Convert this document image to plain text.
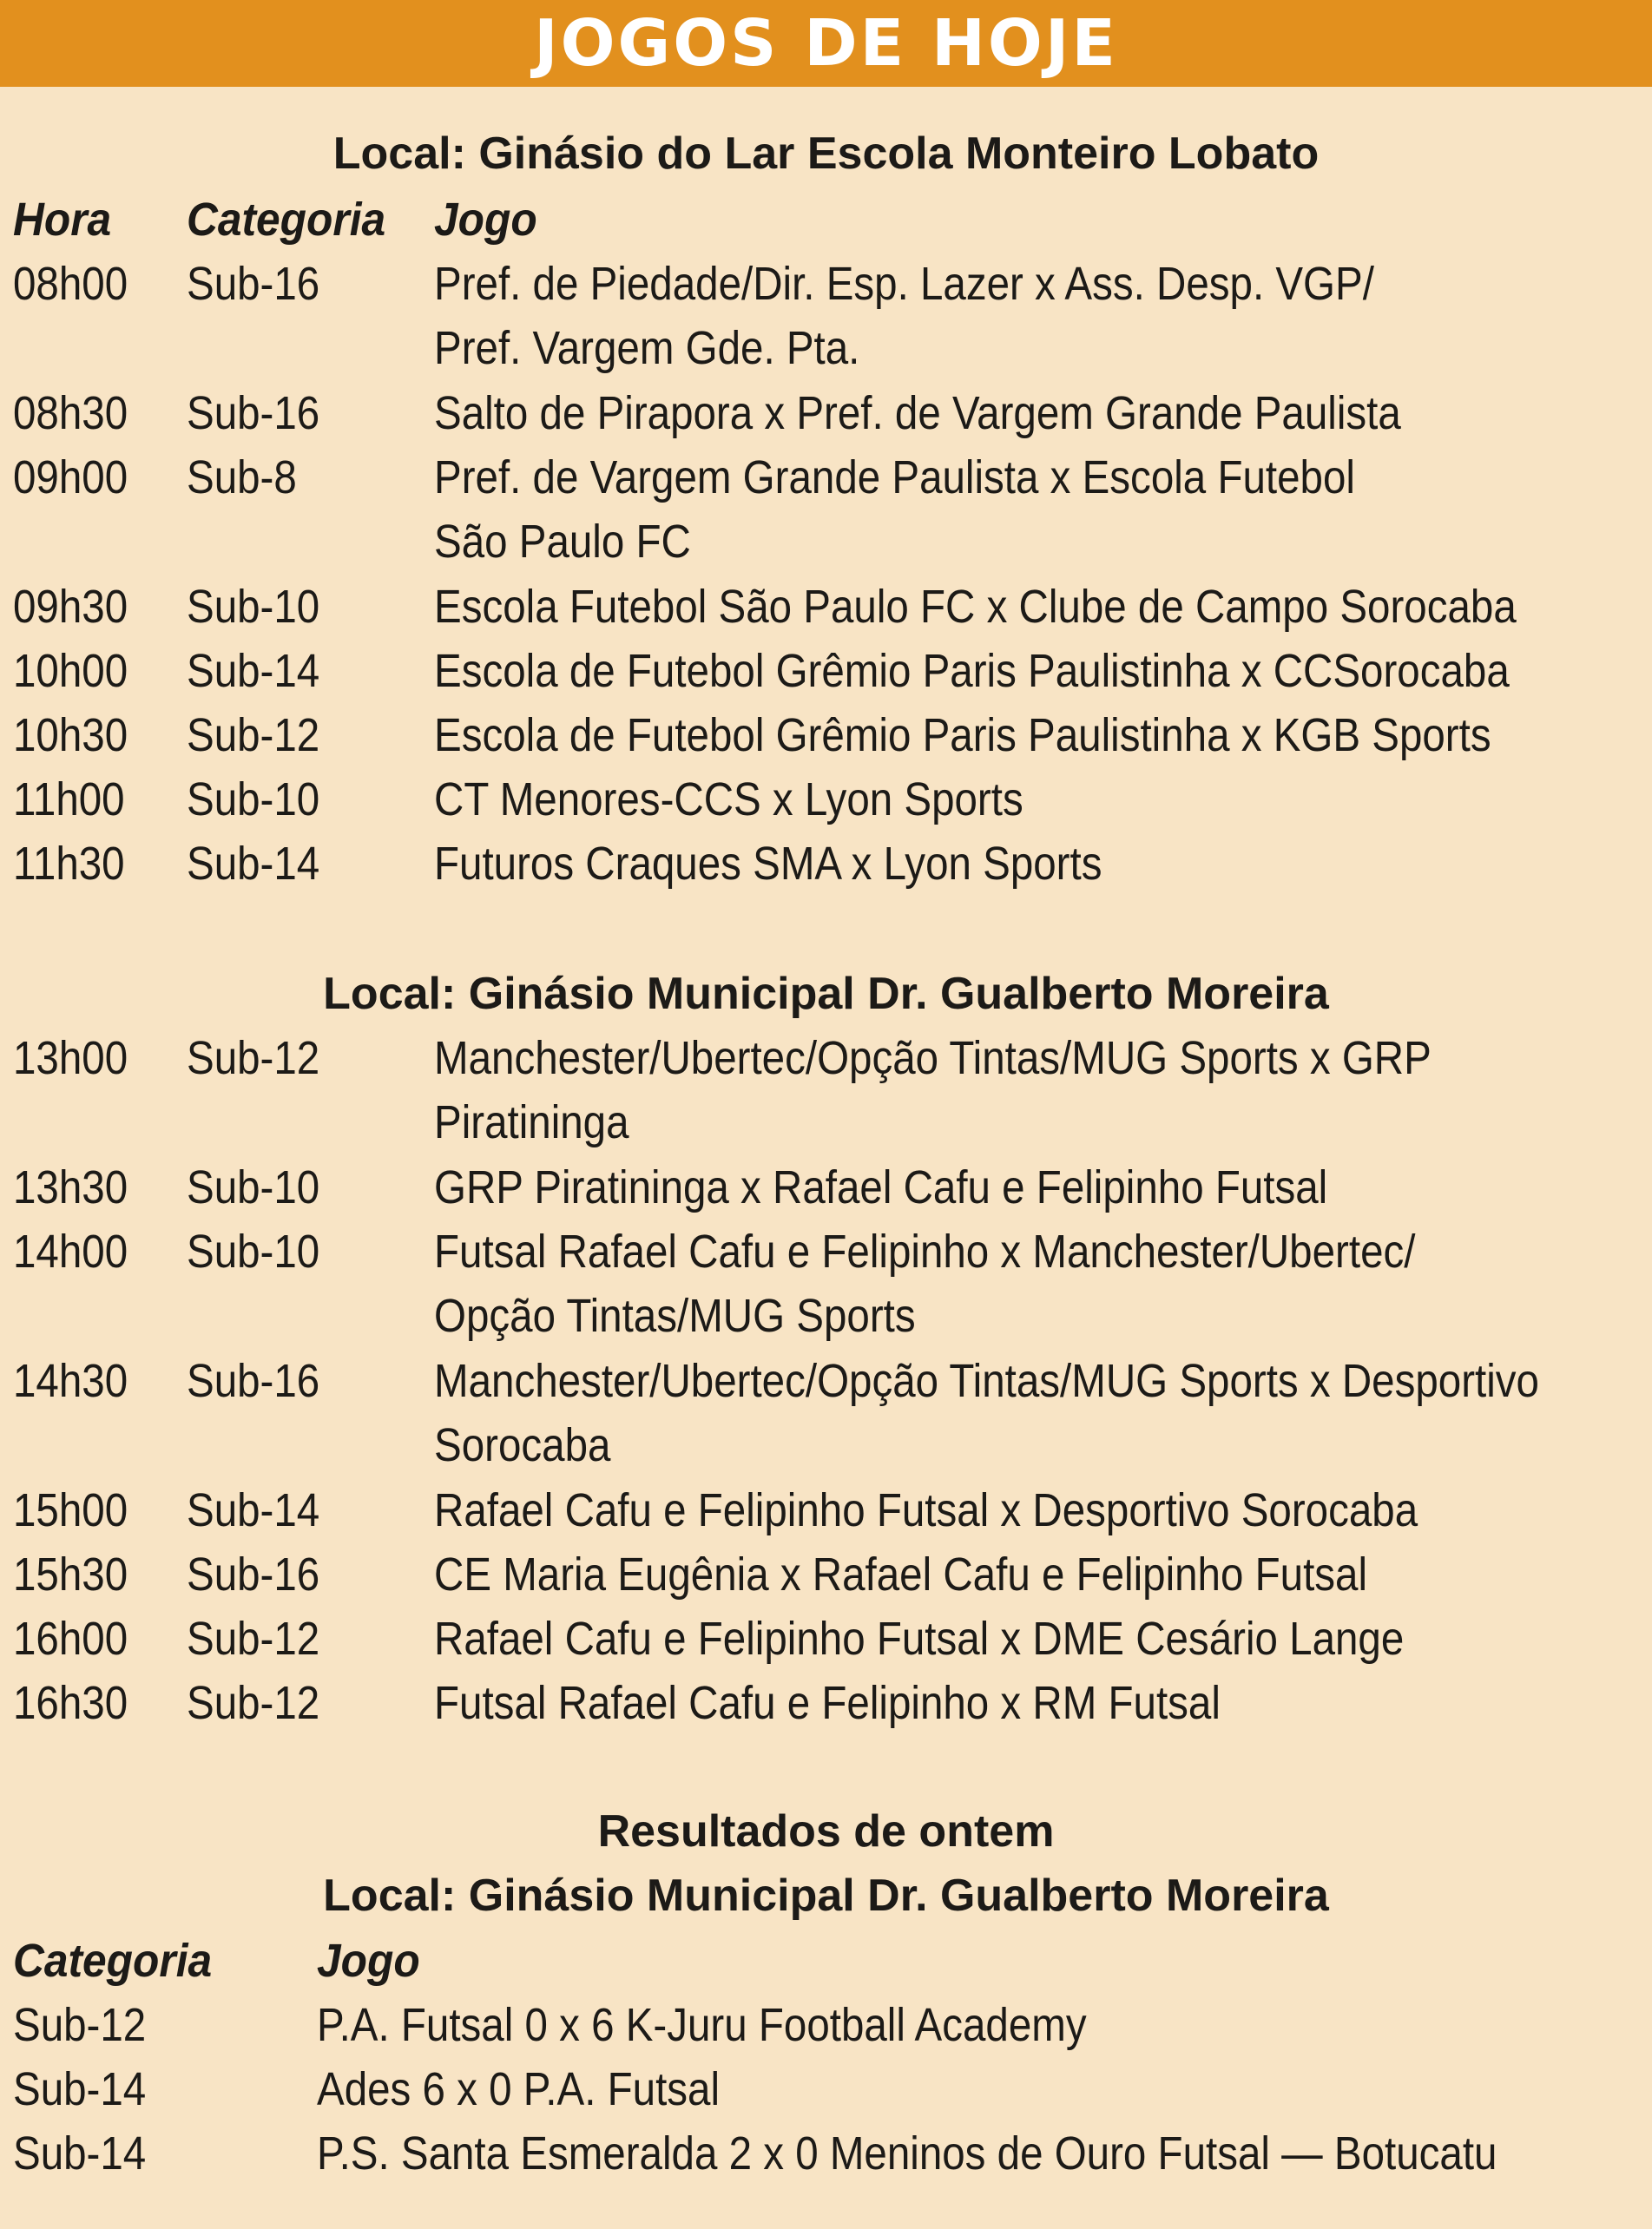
JOGOS DE HOJE
Local: Ginásio do Lar Escola Monteiro Lobato
Hora Categoria Jogo
08h00 Sub-16 Pref. de Piedade/Dir. Esp. Lazer x Ass. Desp. VGP/
Pref. Vargem Gde. Pta.
08h30 Sub-16 Salto de Pirapora x Pref. de Vargem Grande Paulista
09h00 Sub-8	Pref. de Vargem Grande Paulista x Escola Futebol
São Paulo FC
09h30 Sub-10 Escola Futebol São Paulo FC x Clube de Campo Sorocaba
10h00 Sub-14 Escola de Futebol Grêmio Paris Paulistinha x CCSorocaba
10h30 Sub-12 Escola de Futebol Grêmio Paris Paulistinha x KGB Sports
11h00 Sub-10 CT Menores-CCS x Lyon Sports
11h30 Sub-14 Futuros Craques SMA x Lyon Sports
Local: Ginásio Municipal Dr. Gualberto Moreira
13h00 Sub-12 Manchester/Ubertec/Opção Tintas/MUG Sports x GRP
Piratininga
13h30 Sub-10 GRP Piratininga x Rafael Cafu e Felipinho Futsal
14h00 Sub-10 Futsal Rafael Cafu e Felipinho x Manchester/Ubertec/
Opção Tintas/MUG Sports
14h30 Sub-16 Manchester/Ubertec/Opção Tintas/MUG Sports x Desportivo
Sorocaba
15h00 Sub-14 Rafael Cafu e Felipinho Futsal x Desportivo Sorocaba
15h30 Sub-16 CE Maria Eugênia x Rafael Cafu e Felipinho Futsal
16h00 Sub-12 Rafael Cafu e Felipinho Futsal x DME Cesário Lange
16h30 Sub-12 Futsal Rafael Cafu e Felipinho x RM Futsal
Resultados de ontem
Local: Ginásio Municipal Dr. Gualberto Moreira
Categoria Jogo
Sub-12	P.A. Futsal 0 x 6 K-Juru Football Academy
Sub-14	Ades 6 x 0 P.A. Futsal
Sub-14	P.S. Santa Esmeralda 2 x 0 Meninos de Ouro Futsal — Botucatu
